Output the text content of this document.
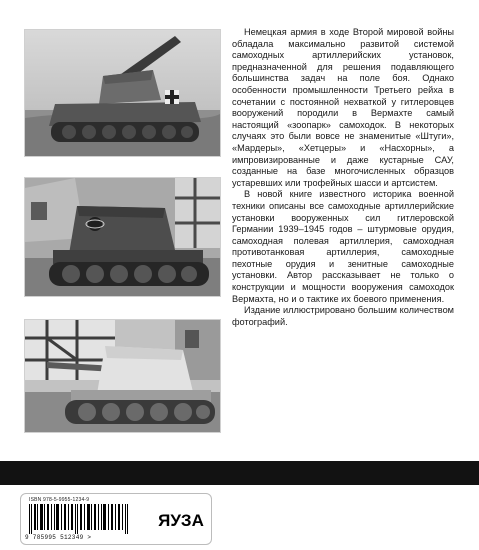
Немецкая армия в ходе Второй мировой войны обладала максимально развитой системой самоходных артиллерийских установок, предназначенной для решения подавляющего большинства задач на поле боя. Однако особенности промышленности Третьего рейха в сочетании с постоянной нехваткой у гитлеровцев вооружений породили в Вермахте самый настоящий «зоопарк» самоходок. В некоторых случаях это были вовсе не знаменитые «Штуги», «Мардеры», «Хетцеры» и «Насхорны», а импровизированные и даже кустарные САУ, созданные на базе многочисленных образцов устаревших или трофейных шасси и артсистем.

В новой книге известного историка военной техники описаны все самоходные артиллерийские установки вооруженных сил гитлеровской Германии 1939–1945 годов – штурмовые орудия, самоходная полевая артиллерия, самоходная противотанковая артиллерия, самоходные пехотные орудия и зенитные самоходные установки. Автор рассказывает не только о конструкции и мощности вооружения самоходок Вермахта, но и о тактике их боевого применения.

Издание иллюстрировано большим количеством фотографий.

ISBN 978-5-9955-1234-9
9 785995 512349 >
ЯУЗА
